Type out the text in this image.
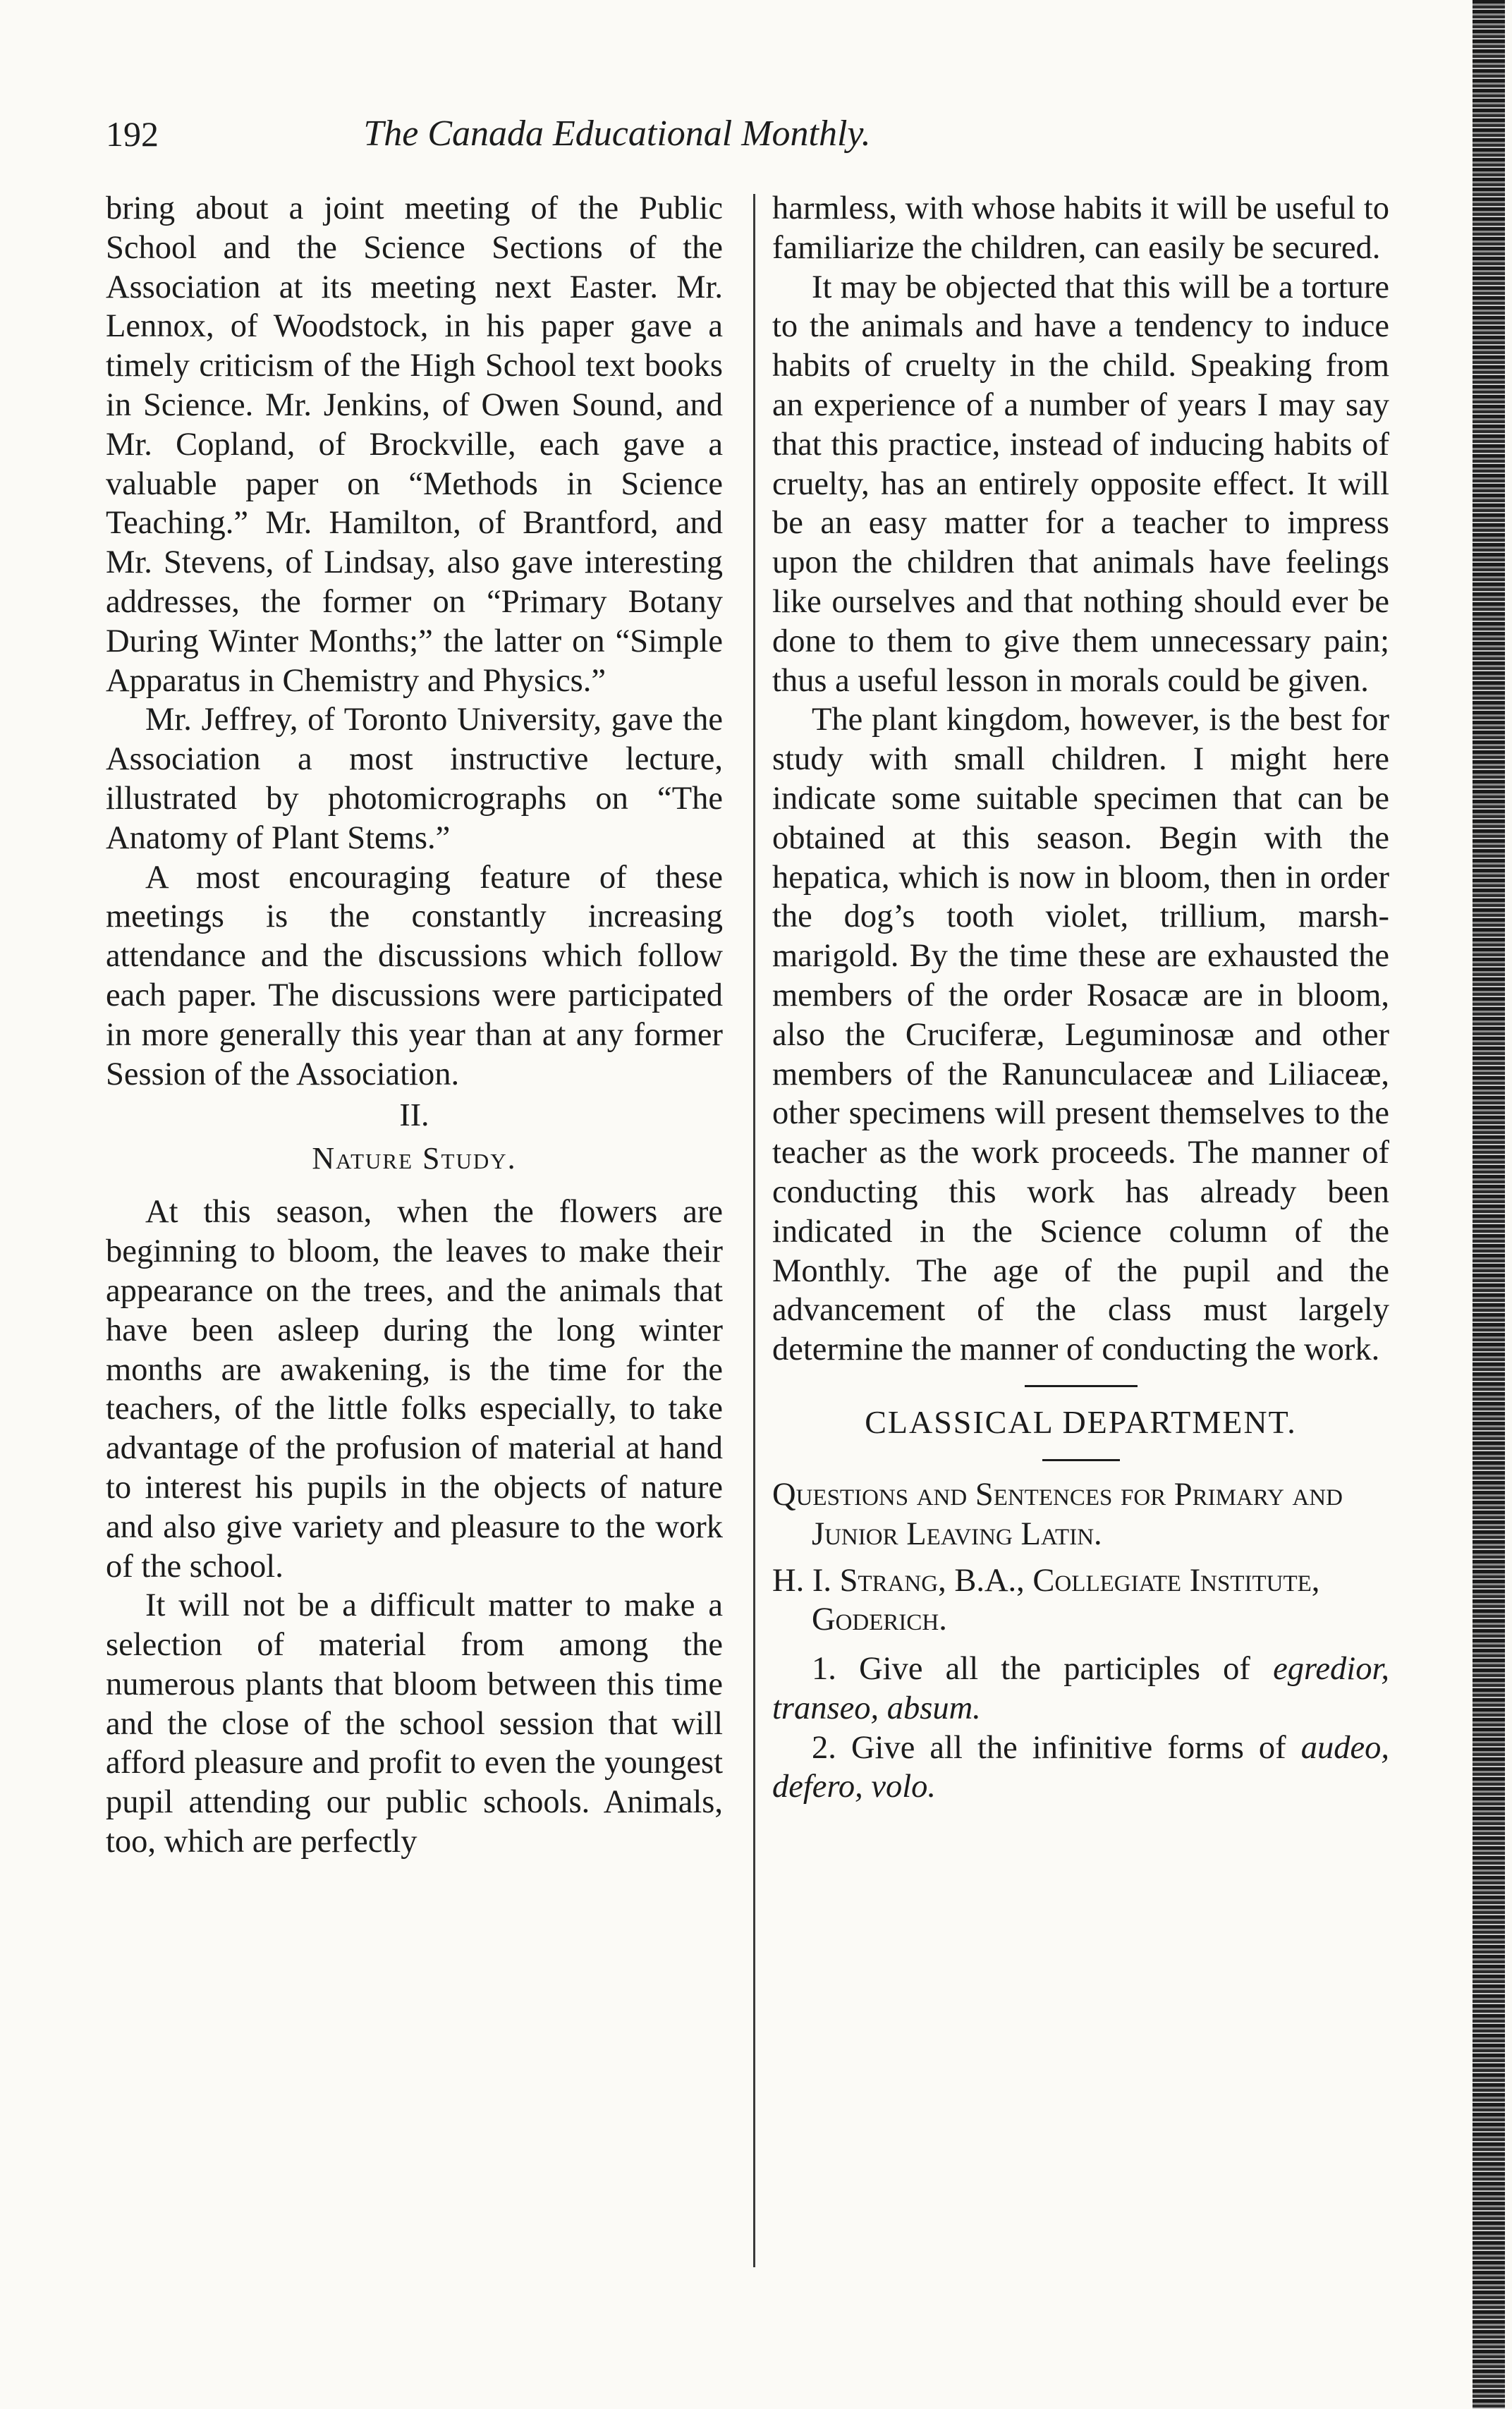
192	The Canada Educational Monthly.

bring about a joint meeting of the Public School and the Science Sections of the Association at its meeting next Easter. Mr. Lennox, of Woodstock, in his paper gave a timely criticism of the High School text books in Science. Mr. Jenkins, of Owen Sound, and Mr. Copland, of Brockville, each gave a valuable paper on “Methods in Science Teaching.” Mr. Hamilton, of Brantford, and Mr. Stevens, of Lindsay, also gave interesting addresses, the former on “Primary Botany During Winter Months;” the latter on “Simple Apparatus in Chemistry and Physics.”

Mr. Jeffrey, of Toronto University, gave the Association a most instructive lecture, illustrated by photomicrographs on “The Anatomy of Plant Stems.”

A most encouraging feature of these meetings is the constantly increasing attendance and the discussions which follow each paper. The discussions were participated in more generally this year than at any former Session of the Association.

II.
Nature Study.

At this season, when the flowers are beginning to bloom, the leaves to make their appearance on the trees, and the animals that have been asleep during the long winter months are awakening, is the time for the teachers, of the little folks especially, to take advantage of the profusion of material at hand to interest his pupils in the objects of nature and also give variety and pleasure to the work of the school.

It will not be a difficult matter to make a selection of material from among the numerous plants that bloom between this time and the close of the school session that will afford pleasure and profit to even the youngest pupil attending our public schools. Animals, too, which are perfectly

harmless, with whose habits it will be useful to familiarize the children, can easily be secured.

It may be objected that this will be a torture to the animals and have a tendency to induce habits of cruelty in the child. Speaking from an experience of a number of years I may say that this practice, instead of inducing habits of cruelty, has an entirely opposite effect. It will be an easy matter for a teacher to impress upon the children that animals have feelings like ourselves and that nothing should ever be done to them to give them unnecessary pain; thus a useful lesson in morals could be given.

The plant kingdom, however, is the best for study with small children. I might here indicate some suitable specimen that can be obtained at this season. Begin with the hepatica, which is now in bloom, then in order the dog’s tooth violet, trillium, marsh-marigold. By the time these are exhausted the members of the order Rosacæ are in bloom, also the Cruciferæ, Leguminosæ and other members of the Ranunculaceæ and Liliaceæ, other specimens will present themselves to the teacher as the work proceeds. The manner of conducting this work has already been indicated in the Science column of the Monthly. The age of the pupil and the advancement of the class must largely determine the manner of conducting the work.

CLASSICAL DEPARTMENT.

Questions and Sentences for Primary and Junior Leaving Latin.

H. I. Strang, B.A., Collegiate Institute, Goderich.

1. Give all the participles of egredior, transeo, absum.

2. Give all the infinitive forms of audeo, defero, volo.
